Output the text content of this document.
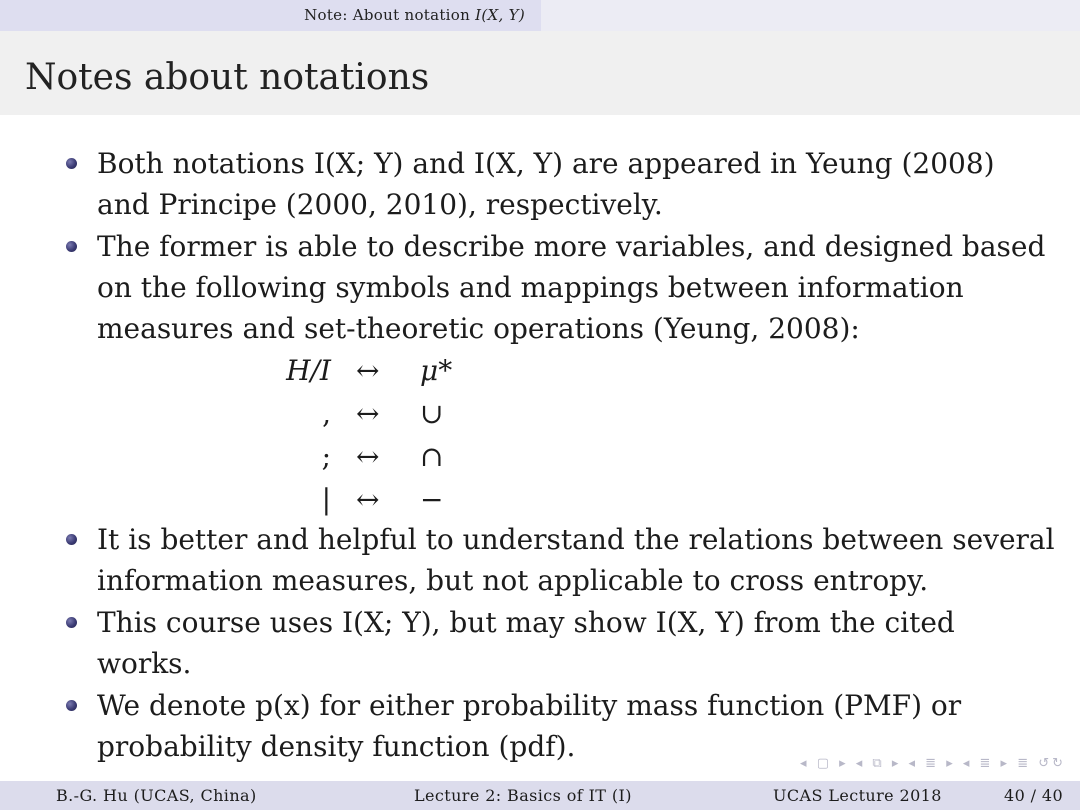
Note: About notation I(X, Y)
Notes about notations
Both notations I(X; Y) and I(X, Y) are appeared in Yeung (2008)
and Principe (2000, 2010), respectively.
The former is able to describe more variables, and designed based
on the following symbols and mappings between information
measures and set-theoretic operations (Yeung, 2008):
H/I ↔ μ*
, ↔ ∪
; ↔ ∩
| ↔ −
It is better and helpful to understand the relations between several
information measures, but not applicable to cross entropy.
This course uses I(X; Y), but may show I(X, Y) from the cited
works.
We denote p(x) for either probability mass function (PMF) or
probability density function (pdf).
◂ ▢ ▸ ◂ ⧉ ▸ ◂ ≣ ▸ ◂ ≣ ▸ ≣ ↺↻
B.-G. Hu (UCAS, China)	Lecture 2: Basics of IT (I)	UCAS Lecture 2018	40 / 40
